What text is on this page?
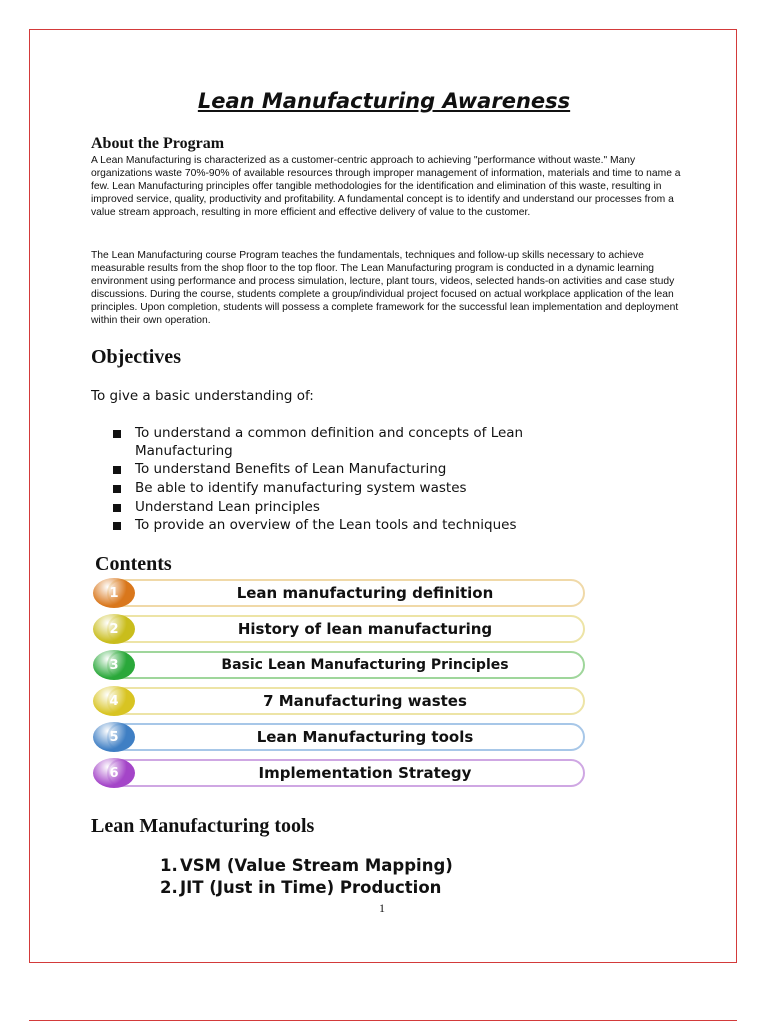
Lean Manufacturing Awareness
About the Program

A Lean Manufacturing is characterized as a customer-centric approach to achieving "performance without waste." Many organizations waste 70%-90% of available resources through improper management of information, materials and time to name a few. Lean Manufacturing principles offer tangible methodologies for the identification and elimination of this waste, resulting in improved service, quality, productivity and profitability. A fundamental concept is to identify and understand our processes from a value stream approach, resulting in more efficient and effective delivery of value to the customer.

The Lean Manufacturing course Program teaches the fundamentals, techniques and follow-up skills necessary to achieve measurable results from the shop floor to the top floor. The Lean Manufacturing program is conducted in a dynamic learning environment using performance and process simulation, lecture, plant tours, videos, selected hands-on activities and case study discussions. During the course, students complete a group/individual project focused on actual workplace application of the lean principles. Upon completion, students will possess a complete framework for the successful lean implementation and deployment within their own operation.

Objectives
To give a basic understanding of:
To understand a common definition and concepts of Lean Manufacturing
To understand Benefits of Lean Manufacturing
Be able to identify manufacturing system wastes
Understand Lean principles
To provide an overview of the Lean tools and techniques
Contents
1	Lean manufacturing definition
2	History of lean manufacturing
3	Basic Lean Manufacturing Principles
4	7 Manufacturing wastes
5	Lean Manufacturing tools
6	Implementation Strategy
Lean Manufacturing tools
1. VSM (Value Stream Mapping)
2. JIT (Just in Time) Production
1
